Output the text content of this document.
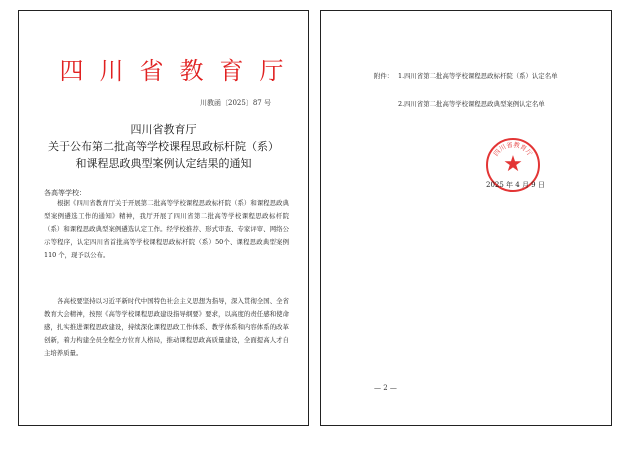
四川省教育厅
川教函〔2025〕87 号
四川省教育厅
关于公布第二批高等学校课程思政标杆院（系）
和课程思政典型案例认定结果的通知
各高等学校：
根据《四川省教育厅关于开展第二批高等学校课程思政标杆院（系）和课程思政典型案例遴选工作的通知》精神，我厅开展了四川省第二批高等学校课程思政标杆院（系）和课程思政典型案例遴选认定工作。经学校推荐、形式审查、专家评审、网络公示等程序，认定四川省首批高等学校课程思政标杆院（系）50个、课程思政典型案例 110 个，现予以公布。
各高校要坚持以习近平新时代中国特色社会主义思想为指导，深入贯彻全国、全省教育大会精神，按照《高等学校课程思政建设指导纲要》要求，以高度的责任感和使命感，扎实推进课程思政建设，持续深化课程思政工作体系、教学体系和内容体系的改革创新，着力构建全员全程全方位育人格局，推动课程思政高质量建设，全面提高人才自主培养质量。
附件： 1.四川省第二批高等学校课程思政标杆院（系）认定名单
2.四川省第二批高等学校课程思政典型案例认定名单
四川省教育厅
★
2025 年 4 月 9 日
— 2 —
